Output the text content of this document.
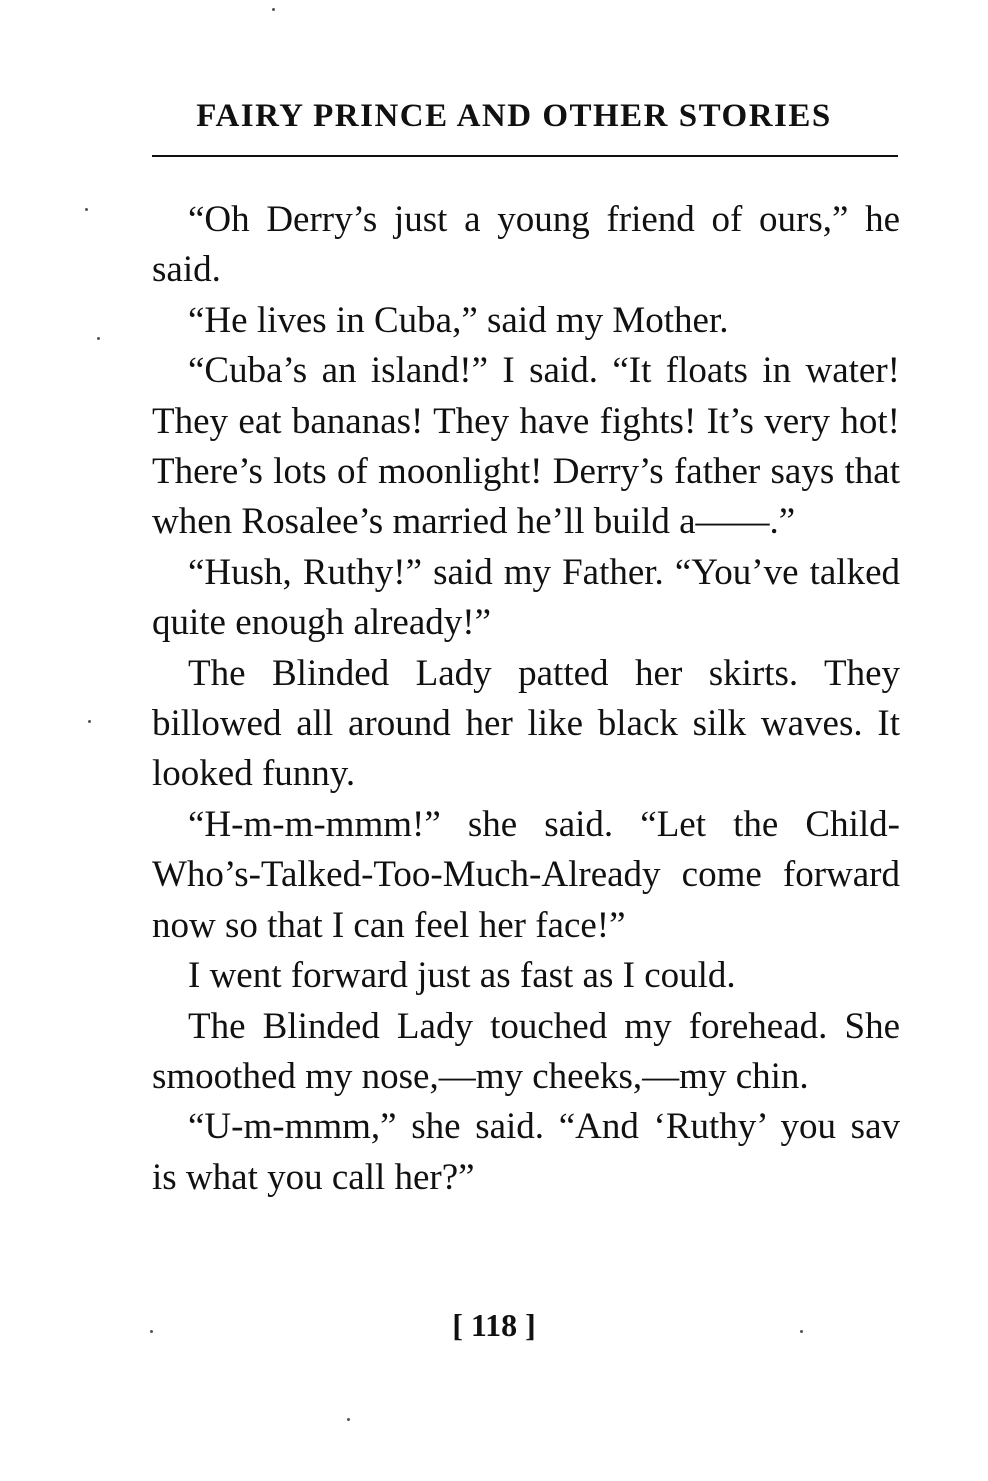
FAIRY PRINCE AND OTHER STORIES

“Oh Derry’s just a young friend of ours,” he said.

“He lives in Cuba,” said my Mother.

“Cuba’s an island!” I said. “It floats in water! They eat bananas! They have fights! It’s very hot! There’s lots of moonlight! Derry’s father says that when Rosalee’s married he’ll build a——.”

“Hush, Ruthy!” said my Father. “You’ve talked quite enough already!”

The Blinded Lady patted her skirts. They billowed all around her like black silk waves. It looked funny.

“H-m-m-mmm!” she said. “Let the Child-Who’s-Talked-Too-Much-Already come forward now so that I can feel her face!”

I went forward just as fast as I could.

The Blinded Lady touched my forehead. She smoothed my nose,—my cheeks,—my chin.

“U-m-mmm,” she said. “And ‘Ruthy’ you sav is what you call her?”

[ 118 ]
